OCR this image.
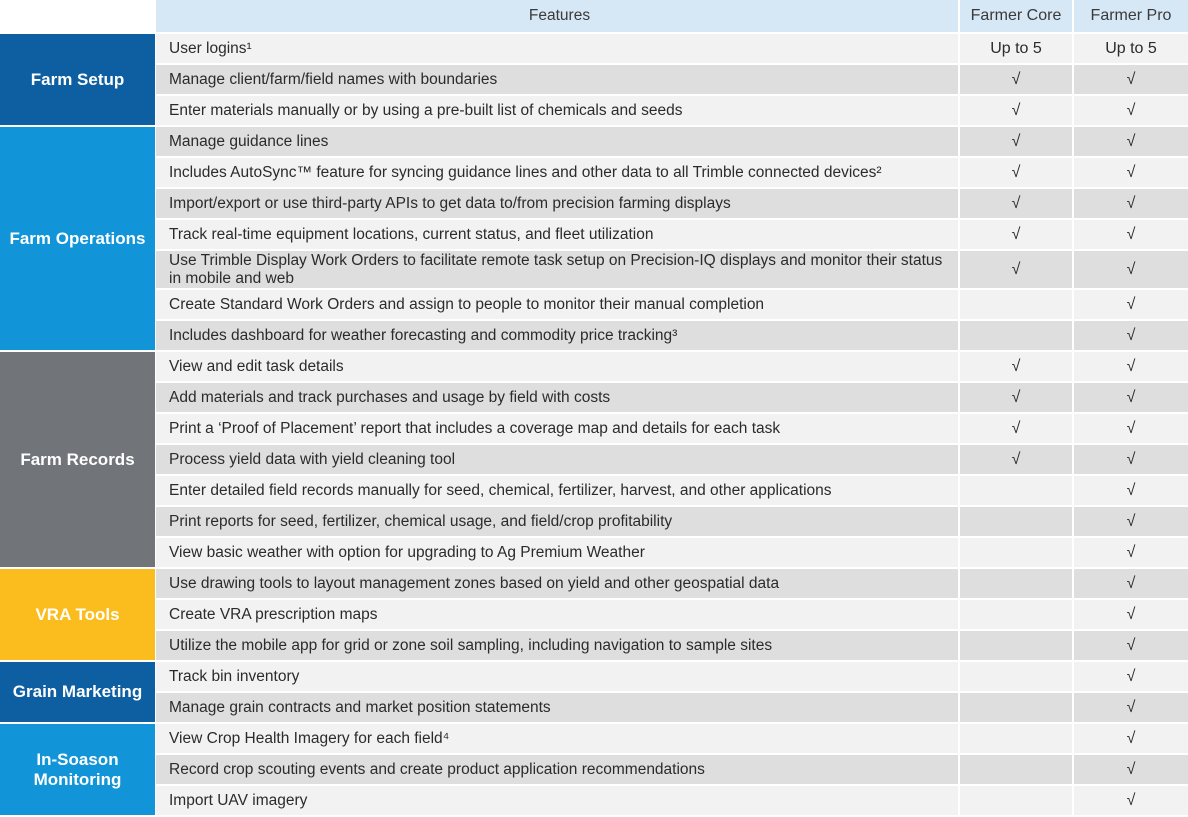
	Features	Farmer Core	Farmer Pro
Farm Setup	User logins¹	Up to 5	Up to 5
	Manage client/farm/field names with boundaries	√	√
	Enter materials manually or by using a pre-built list of chemicals and seeds	√	√
Farm Operations	Manage guidance lines	√	√
	Includes AutoSync™ feature for syncing guidance lines and other data to all Trimble connected devices²	√	√
	Import/export or use third-party APIs to get data to/from precision farming displays	√	√
	Track real-time equipment locations, current status, and fleet utilization	√	√
	Use Trimble Display Work Orders to facilitate remote task setup on Precision-IQ displays and monitor their status in mobile and web	√	√
	Create Standard Work Orders and assign to people to monitor their manual completion		√
	Includes dashboard for weather forecasting and commodity price tracking³		√
Farm Records	View and edit task details	√	√
	Add materials and track purchases and usage by field with costs	√	√
	Print a ‘Proof of Placement’ report that includes a coverage map and details for each task	√	√
	Process yield data with yield cleaning tool	√	√
	Enter detailed field records manually for seed, chemical, fertilizer, harvest, and other applications		√
	Print reports for seed, fertilizer, chemical usage, and field/crop profitability		√
	View basic weather with option for upgrading to Ag Premium Weather		√
VRA Tools	Use drawing tools to layout management zones based on yield and other geospatial data		√
	Create VRA prescription maps		√
	Utilize the mobile app for grid or zone soil sampling, including navigation to sample sites		√
Grain Marketing	Track bin inventory		√
	Manage grain contracts and market position statements		√
In-Soason Monitoring	View Crop Health Imagery for each field⁴		√
	Record crop scouting events and create product application recommendations		√
	Import UAV imagery		√
